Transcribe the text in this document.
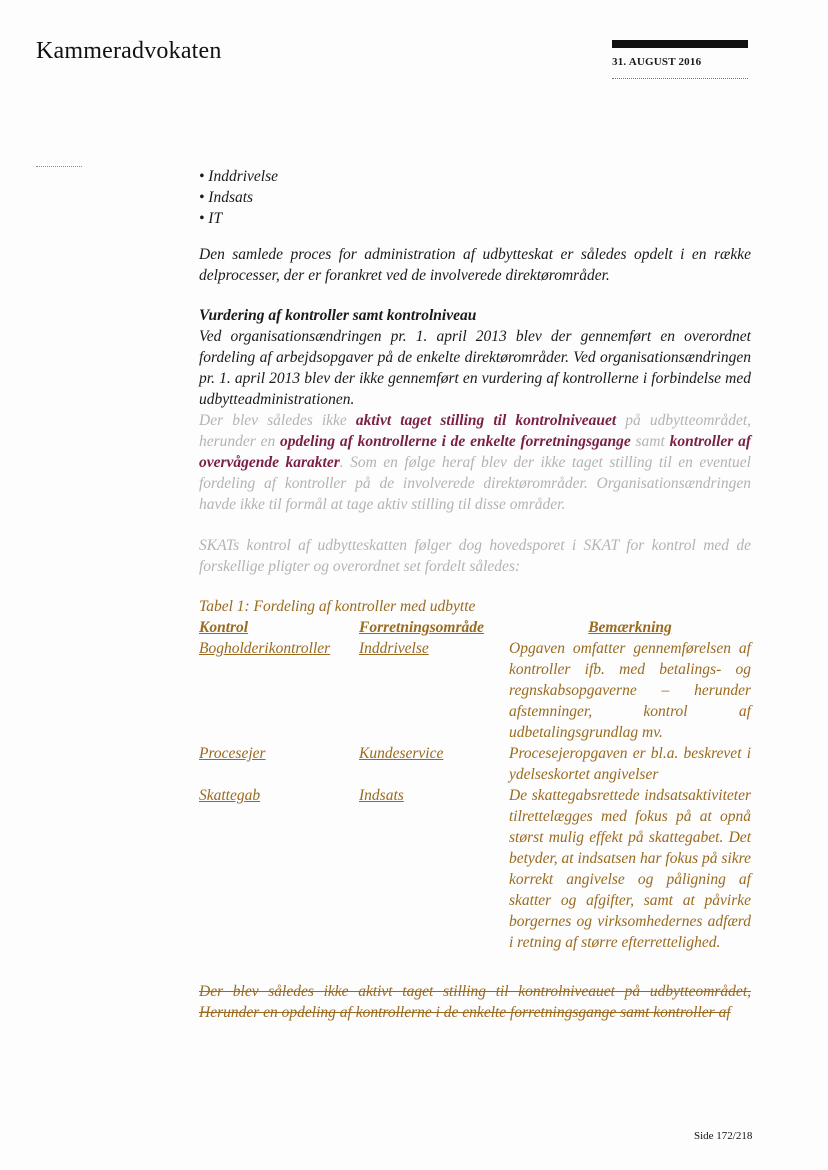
Kammeradvokaten	31. AUGUST 2016
• Inddrivelse
• Indsats
• IT

Den samlede proces for administration af udbytteskat er således opdelt i en række delprocesser, der er forankret ved de involverede direktørområder.

Vurdering af kontroller samt kontrolniveau

Ved organisationsændringen pr. 1. april 2013 blev der gennemført en overordnet fordeling af arbejdsopgaver på de enkelte direktørområder. Ved organisationsændringen pr. 1. april 2013 blev der ikke gennemført en vurdering af kontrollerne i forbindelse med udbytteadministrationen.

Der blev således ikke aktivt taget stilling til kontrolniveauet på udbytteområdet, herunder en opdeling af kontrollerne i de enkelte forretningsgange samt kontroller af overvågende karakter. Som en følge heraf blev der ikke taget stilling til en eventuel fordeling af kontroller på de involverede direktørområder. Organisationsændringen havde ikke til formål at tage aktiv stilling til disse områder.

SKATs kontrol af udbytteskatten følger dog hovedsporet i SKAT for kontrol med de forskellige pligter og overordnet set fordelt således:

Tabel 1: Fordeling af kontroller med udbytte

Kontrol	Forretningsområde	Bemærkning
Bogholderikontroller	Inddrivelse	Opgaven omfatter gennemførelsen af kontroller ifb. med betalings- og regnskabsopgaverne – herunder afstemninger, kontrol af udbetalingsgrundlag mv.
Procesejer	Kundeservice	Procesejeropgaven er bl.a. beskrevet i ydelseskortet angivelser
Skattegab	Indsats	De skattegabsrettede indsatsaktiviteter tilrettelægges med fokus på at opnå størst mulig effekt på skattegabet. Det betyder, at indsatsen har fokus på sikre korrekt angivelse og påligning af skatter og afgifter, samt at påvirke borgernes og virksomhedernes adfærd i retning af større efterrettelighed.

Der blev således ikke aktivt taget stilling til kontrolniveauet på udbytteområdet, Herunder en opdeling af kontrollerne i de enkelte forretningsgange samt kontroller af

Side 172/218
